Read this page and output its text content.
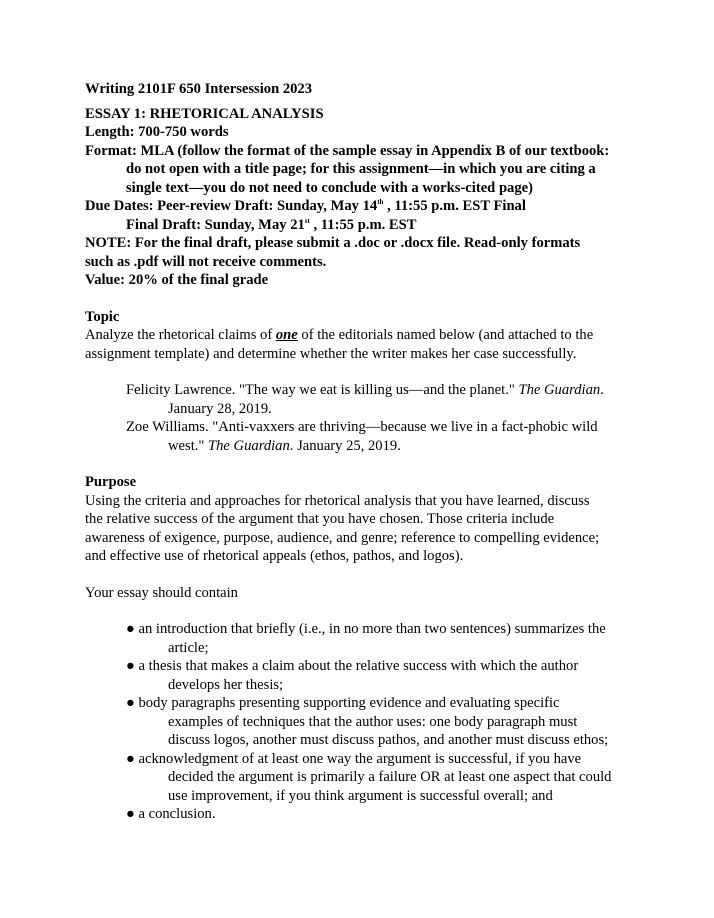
Writing 2101F 650 Intersession 2023
ESSAY 1: RHETORICAL ANALYSIS
Length: 700-750 words
Format: MLA (follow the format of the sample essay in Appendix B of our textbook:
do not open with a title page; for this assignment—in which you are citing a
single text—you do not need to conclude with a works-cited page)
Due Dates: Peer-review Draft: Sunday, May 14th , 11:55 p.m. EST Final
Final Draft: Sunday, May 21st , 11:55 p.m. EST
NOTE: For the final draft, please submit a .doc or .docx file. Read-only formats
such as .pdf will not receive comments.
Value: 20% of the final grade
Topic
Analyze the rhetorical claims of one of the editorials named below (and attached to the
assignment template) and determine whether the writer makes her case successfully.
Felicity Lawrence. "The way we eat is killing us—and the planet." The Guardian.
January 28, 2019.
Zoe Williams. "Anti-vaxxers are thriving—because we live in a fact-phobic wild
west." The Guardian. January 25, 2019.
Purpose
Using the criteria and approaches for rhetorical analysis that you have learned, discuss
the relative success of the argument that you have chosen. Those criteria include
awareness of exigence, purpose, audience, and genre; reference to compelling evidence;
and effective use of rhetorical appeals (ethos, pathos, and logos).
Your essay should contain
● an introduction that briefly (i.e., in no more than two sentences) summarizes the
article;
● a thesis that makes a claim about the relative success with which the author
develops her thesis;
● body paragraphs presenting supporting evidence and evaluating specific
examples of techniques that the author uses: one body paragraph must
discuss logos, another must discuss pathos, and another must discuss ethos;
● acknowledgment of at least one way the argument is successful, if you have
decided the argument is primarily a failure OR at least one aspect that could
use improvement, if you think argument is successful overall; and
● a conclusion.
